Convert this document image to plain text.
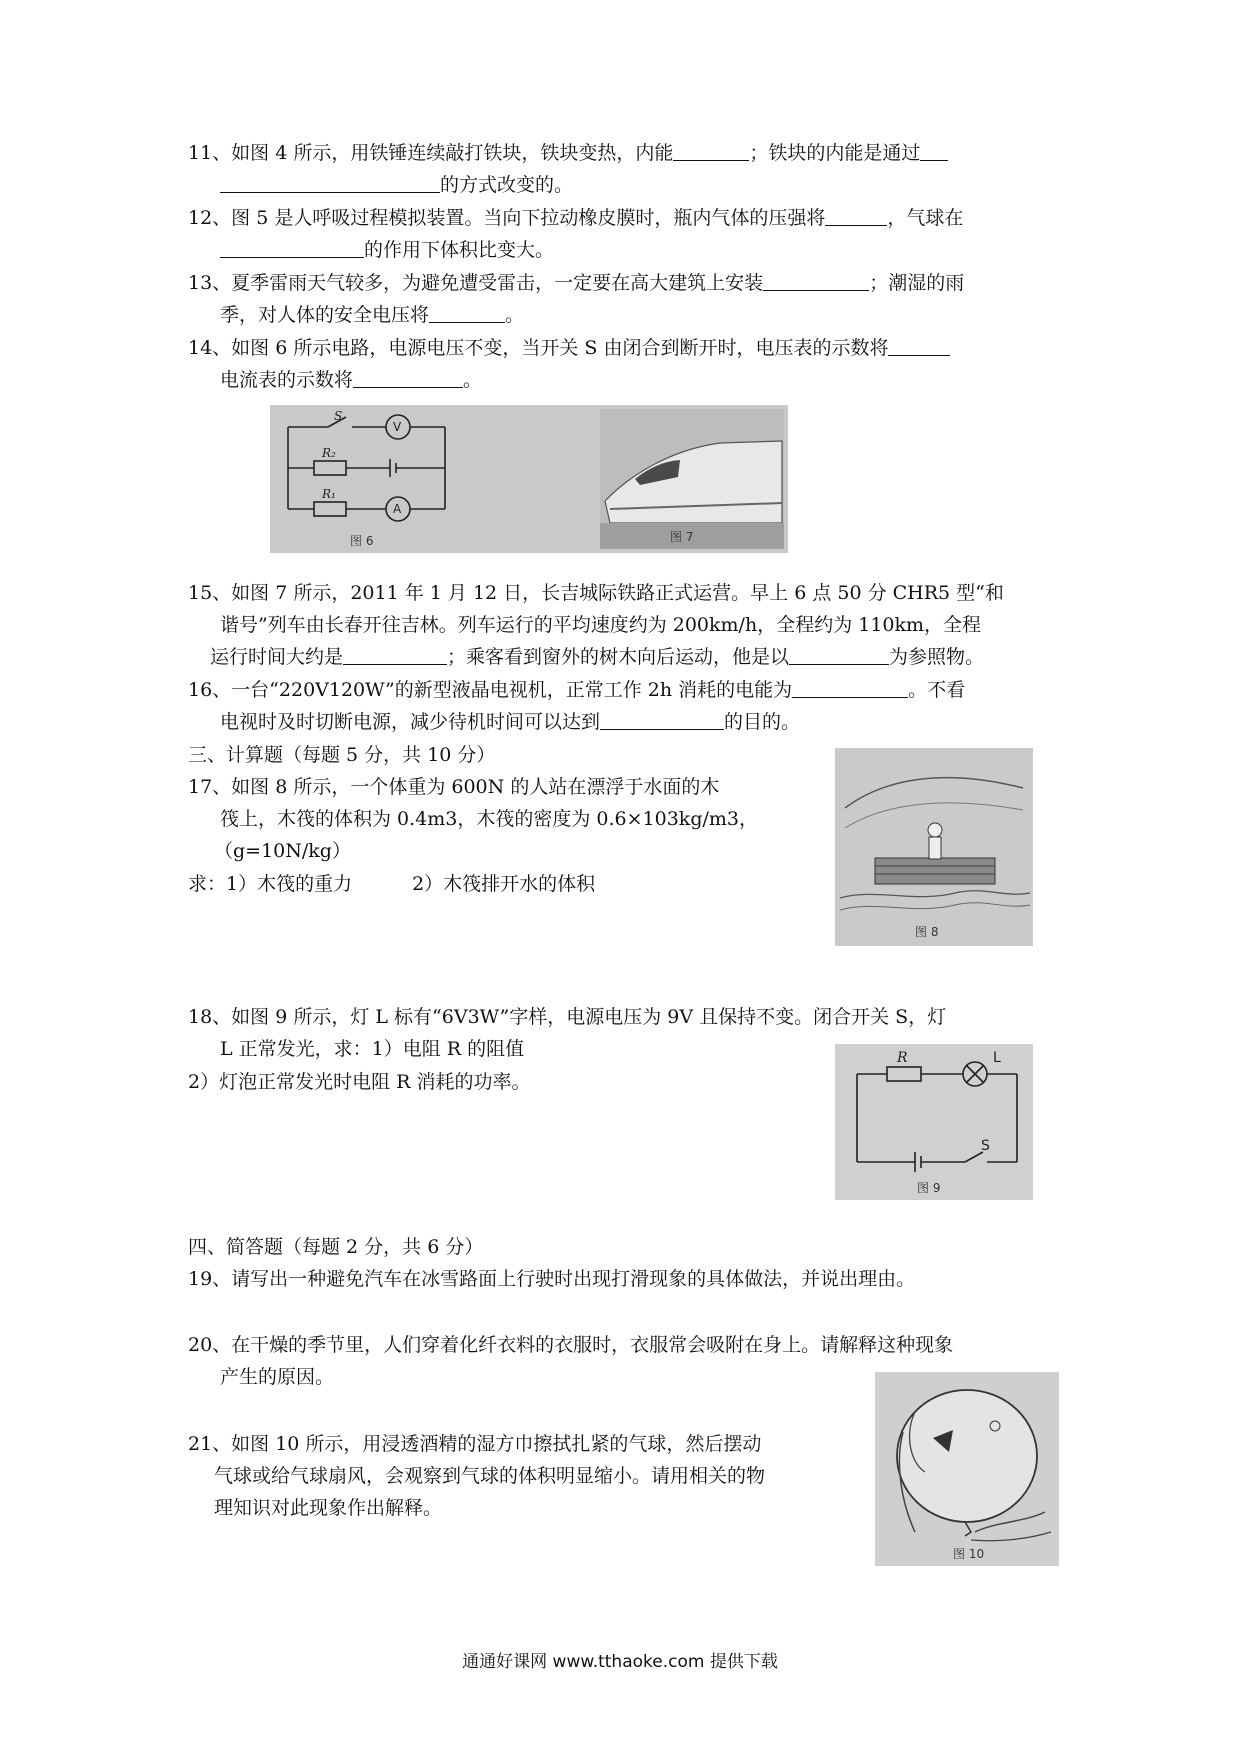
11、如图 4 所示，用铁锤连续敲打铁块，铁块变热，内能	；铁块的内能是通过
的方式改变的。
12、图 5 是人呼吸过程模拟装置。当向下拉动橡皮膜时，瓶内气体的压强将	，气球在
的作用下体积比变大。
13、夏季雷雨天气较多，为避免遭受雷击，一定要在高大建筑上安装	；潮湿的雨
季，对人体的安全电压将	。
14、如图 6 所示电路，电源电压不变，当开关 S 由闭合到断开时，电压表的示数将
电流表的示数将	。
S
V
A
R₂
R₁
图 6	图 7
15、如图 7 所示，2011 年 1 月 12 日，长吉城际铁路正式运营。早上 6 点 50 分 CHR5 型“和
谐号”列车由长春开往吉林。列车运行的平均速度约为 200km/h，全程约为 110km，全程
运行时间大约是	；乘客看到窗外的树木向后运动，他是以	为参照物。
16、一台“220V120W”的新型液晶电视机，正常工作 2h 消耗的电能为	。不看
电视时及时切断电源，减少待机时间可以达到	的目的。
三、计算题（每题 5 分，共 10 分）
17、如图 8 所示，一个体重为 600N 的人站在漂浮于水面的木
筏上，木筏的体积为 0.4m3，木筏的密度为 0.6×103kg/m3，
（g=10N/kg）
求：1）木筏的重力	2）木筏排开水的体积
图 8
18、如图 9 所示，灯 L 标有“6V3W”字样，电源电压为 9V 且保持不变。闭合开关 S，灯
L 正常发光，求：1）电阻 R 的阻值
2）灯泡正常发光时电阻 R 消耗的功率。
R	L
S
图 9
四、简答题（每题 2 分，共 6 分）
19、请写出一种避免汽车在冰雪路面上行驶时出现打滑现象的具体做法，并说出理由。
20、在干燥的季节里，人们穿着化纤衣料的衣服时，衣服常会吸附在身上。请解释这种现象
产生的原因。
21、如图 10 所示，用浸透酒精的湿方巾擦拭扎紧的气球，然后摆动
气球或给气球扇风，会观察到气球的体积明显缩小。请用相关的物
理知识对此现象作出解释。
图 10
通通好课网 www.tthaoke.com 提供下载
